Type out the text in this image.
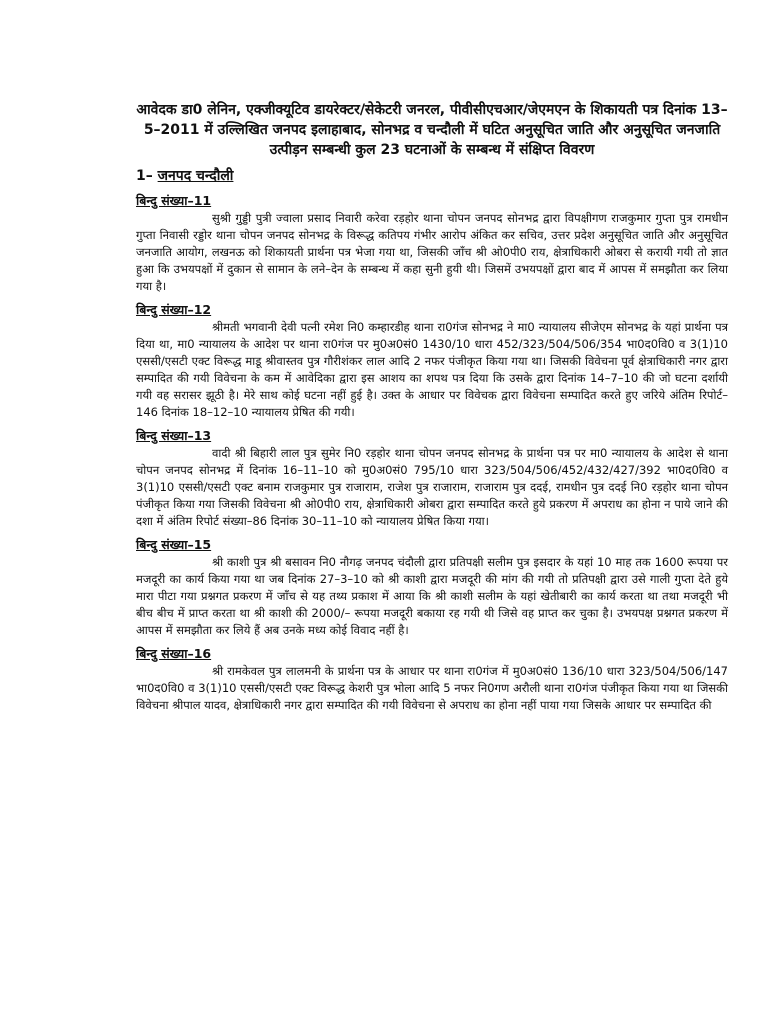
आवेदक डा0 लेनिन, एक्जीक्यूटिव डायरेक्टर/सेकेटरी जनरल, पीवीसीएचआर/जेएमएन के शिकायती पत्र दिनांक 13–5–2011 में उल्लिखित जनपद इलाहाबाद, सोनभद्र व चन्दौली में घटित अनुसूचित जाति और अनुसूचित जनजाति उत्पीड़न सम्बन्धी कुल 23 घटनाओं के सम्बन्ध में संक्षिप्त विवरण

1– जनपद चन्दौली

बिन्दु संख्या–11

सुश्री गुड्डी पुत्री ज्वाला प्रसाद निवारी करेवा रड़होर थाना चोपन जनपद सोनभद्र द्वारा विपक्षीगण राजकुमार गुप्ता पुत्र रामधीन गुप्ता निवासी रड्डोर थाना चोपन जनपद सोनभद्र के विरूद्ध कतिपय गंभीर आरोप अंकित कर सचिव, उत्तर प्रदेश अनुसूचित जाति और अनुसूचित जनजाति आयोग, लखनऊ को शिकायती प्रार्थना पत्र भेजा गया था, जिसकी जाँच श्री ओ0पी0 राय, क्षेत्राधिकारी ओबरा से करायी गयी तो ज्ञात हुआ कि उभयपक्षों में दुकान से सामान के लने–देन के सम्बन्ध में कहा सुनी हुयी थी। जिसमें उभयपक्षों द्वारा बाद में आपस में समझौता कर लिया गया है।

बिन्दु संख्या–12

श्रीमती भगवानी देवी पत्नी रमेश नि0 कम्हारडीह थाना रा0गंज सोनभद्र ने मा0 न्यायालय सीजेएम सोनभद्र के यहां प्रार्थना पत्र दिया था, मा0 न्यायालय के आदेश पर थाना रा0गंज पर मु0अ0सं0 1430/10 धारा 452/323/504/506/354 भा0द0वि0 व 3(1)10 एससी/एसटी एक्ट विरूद्ध माडू श्रीवास्तव पुत्र गौरीशंकर लाल आदि 2 नफर पंजीकृत किया गया था। जिसकी विवेचना पूर्व क्षेत्राधिकारी नगर द्वारा सम्पादित की गयी विवेचना के कम में आवेदिका द्वारा इस आशय का शपथ पत्र दिया कि उसके द्वारा दिनांक 14–7–10 की जो घटना दर्शायी गयी वह सरासर झूठी है। मेरे साथ कोई घटना नहीं हुई है। उक्त के आधार पर विवेचक द्वारा विवेचना सम्पादित करते हुए जरिये अंतिम रिपोर्ट–146 दिनांक 18–12–10 न्यायालय प्रेषित की गयी।

बिन्दु संख्या–13

वादी श्री बिहारी लाल पुत्र सुमेर नि0 रड़होर थाना चोपन जनपद सोनभद्र के प्रार्थना पत्र पर मा0 न्यायालय के आदेश से थाना चोपन जनपद सोनभद्र में दिनांक 16–11–10 को मु0अ0सं0 795/10 धारा 323/504/506/452/432/427/392 भा0द0वि0 व 3(1)10 एससी/एसटी एक्ट बनाम राजकुमार पुत्र राजाराम, राजेश पुत्र राजाराम, राजाराम पुत्र ददई, रामधीन पुत्र ददई नि0 रड़होर थाना चोपन पंजीकृत किया गया जिसकी विवेचना श्री ओ0पी0 राय, क्षेत्राधिकारी ओबरा द्वारा सम्पादित करते हुये प्रकरण में अपराध का होना न पाये जाने की दशा में अंतिम रिपोर्ट संख्या–86 दिनांक 30–11–10 को न्यायालय प्रेषित किया गया।

बिन्दु संख्या–15

श्री काशी पुत्र श्री बसावन नि0 नौगढ़ जनपद चंदौली द्वारा प्रतिपक्षी सलीम पुत्र इसदार के यहां 10 माह तक 1600 रूपया पर मजदूरी का कार्य किया गया था जब दिनांक 27–3–10 को श्री काशी द्वारा मजदूरी की मांग की गयी तो प्रतिपक्षी द्वारा उसे गाली गुप्ता देते हुये मारा पीटा गया प्रश्नगत प्रकरण में जाँच से यह तथ्य प्रकाश में आया कि श्री काशी सलीम के यहां खेतीबारी का कार्य करता था तथा मजदूरी भी बीच बीच में प्राप्त करता था श्री काशी की 2000/– रूपया मजदूरी बकाया रह गयी थी जिसे वह प्राप्त कर चुका है। उभयपक्ष प्रश्नगत प्रकरण में आपस में समझौता कर लिये हैं अब उनके मध्य कोई विवाद नहीं है।

बिन्दु संख्या–16

श्री रामकेवल पुत्र लालमनी के प्रार्थना पत्र के आधार पर थाना रा0गंज में मु0अ0सं0 136/10 धारा 323/504/506/147 भा0द0वि0 व 3(1)10 एससी/एसटी एक्ट विरूद्ध केशरी पुत्र भोला आदि 5 नफर नि0गण अरौली थाना रा0गंज पंजीकृत किया गया था जिसकी विवेचना श्रीपाल यादव, क्षेत्राधिकारी नगर द्वारा सम्पादित की गयी विवेचना से अपराध का होना नहीं पाया गया जिसके आधार पर सम्पादित की
